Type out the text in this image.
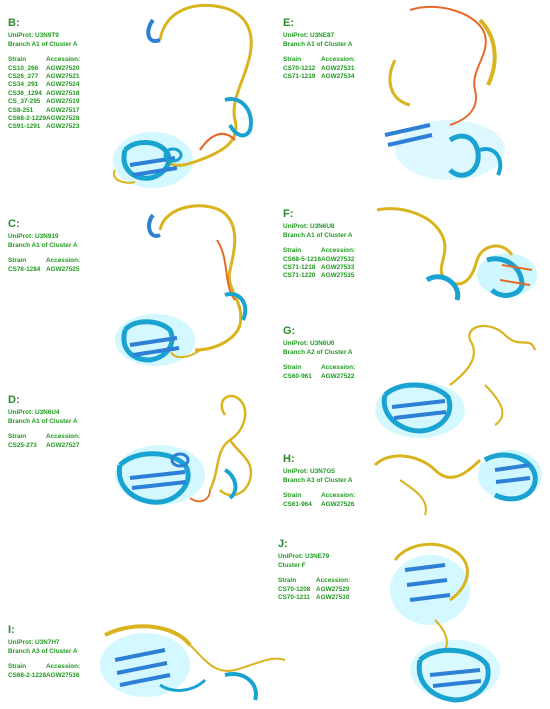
B:
UniProt: U3N9T9
Branch A1 of Cluster A
Strain	Accession:
CS10_266	AGW27520
CS26_277	AGW27521
CS34_291	AGW27524
CS36_1294 AGW27518
CS_37-295 AGW27519
CS8-251	AGW27517
CS68-2-1229 AGW27528
CS91-1291 AGW27523
C:
UniProt: U3N919
Branch A1 of Cluster A
Strain	Accession:
CS76-1284 AGW27525
D:
UniProt: U3N6U4
Branch A1 of Cluster A
Strain	Accession:
CS25-273	AGW27527
I:
UniProt: U3N7H7
Branch A3 of Cluster A
Strain	Accession:
CS68-2-1228 AGW27536
E:
UniProt: U3NE87
Branch A1 of Cluster A
Strain	Accession:
CS70-1212 AGW27531
CS71-1219 AGW27534
F:
UniProt: U3N6U8
Branch A1 of Cluster A
Strain	Accession:
CS68-5-1216 AGW27532
CS71-1218 AGW27533
CS71-1220 AGW27535
G:
UniProt: U3N6U0
Branch A2 of Cluster A
Strain	Accession:
CS60-961	AGW27522
H:
UniProt: U3N7G5
Branch A3 of Cluster A
Strain	Accession:
CS61-964	AGW27526
J:
UniProt: U3NE79
Cluster F
Strain	Accession:
CS70-1208 AGW27529
CS70-1211 AGW27530
